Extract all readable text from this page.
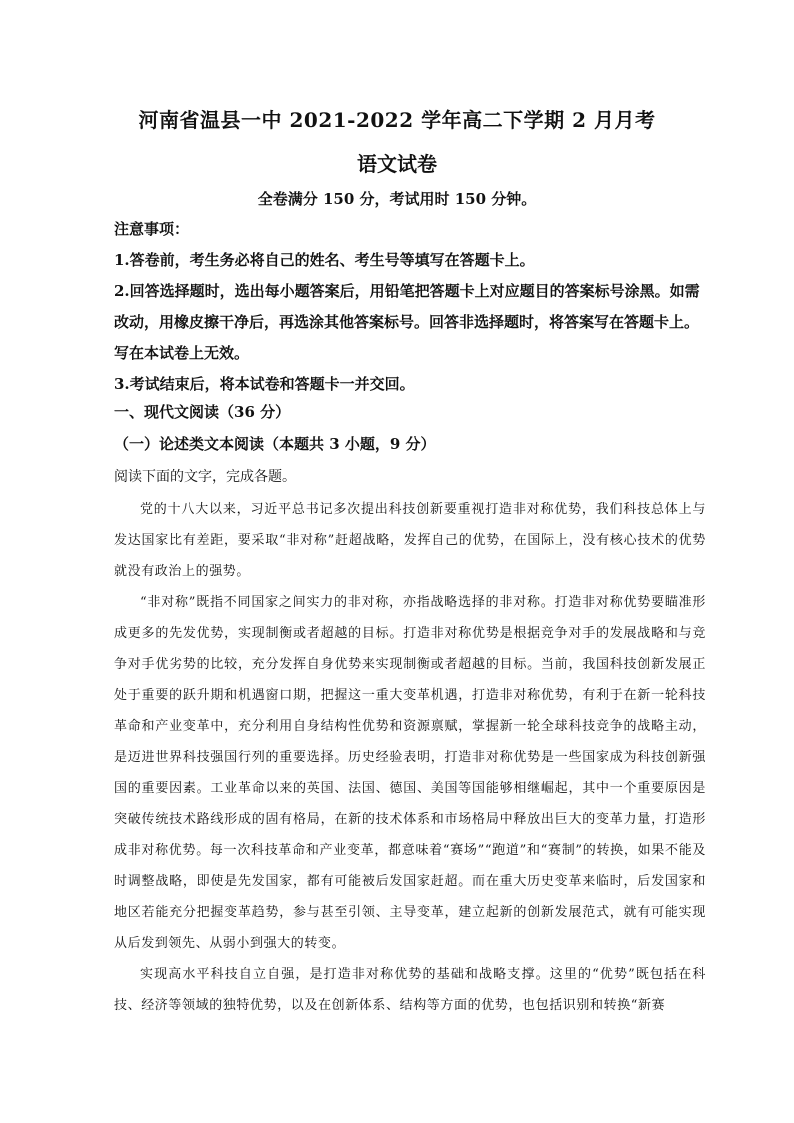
河南省温县一中 2021-2022 学年高二下学期 2 月月考
语文试卷
全卷满分 150 分，考试用时 150 分钟。

注意事项：

1.答卷前，考生务必将自己的姓名、考生号等填写在答题卡上。

2.回答选择题时，选出每小题答案后，用铅笔把答题卡上对应题目的答案标号涂黑。如需改动，用橡皮擦干净后，再选涂其他答案标号。回答非选择题时，将答案写在答题卡上。写在本试卷上无效。

3.考试结束后，将本试卷和答题卡一并交回。

一、现代文阅读（36 分）
（一）论述类文本阅读（本题共 3 小题，9 分）
阅读下面的文字，完成各题。

党的十八大以来，习近平总书记多次提出科技创新要重视打造非对称优势，我们科技总体上与发达国家比有差距，要采取“非对称”赶超战略，发挥自己的优势，在国际上，没有核心技术的优势就没有政治上的强势。

“非对称”既指不同国家之间实力的非对称，亦指战略选择的非对称。打造非对称优势要瞄准形成更多的先发优势，实现制衡或者超越的目标。打造非对称优势是根据竞争对手的发展战略和与竞争对手优劣势的比较，充分发挥自身优势来实现制衡或者超越的目标。当前，我国科技创新发展正处于重要的跃升期和机遇窗口期，把握这一重大变革机遇，打造非对称优势，有利于在新一轮科技革命和产业变革中，充分利用自身结构性优势和资源禀赋，掌握新一轮全球科技竞争的战略主动，是迈进世界科技强国行列的重要选择。历史经验表明，打造非对称优势是一些国家成为科技创新强国的重要因素。工业革命以来的英国、法国、德国、美国等国能够相继崛起，其中一个重要原因是突破传统技术路线形成的固有格局，在新的技术体系和市场格局中释放出巨大的变革力量，打造形成非对称优势。每一次科技革命和产业变革，都意味着“赛场”“跑道”和“赛制”的转换，如果不能及时调整战略，即使是先发国家，都有可能被后发国家赶超。而在重大历史变革来临时，后发国家和地区若能充分把握变革趋势，参与甚至引领、主导变革，建立起新的创新发展范式，就有可能实现从后发到领先、从弱小到强大的转变。

实现高水平科技自立自强，是打造非对称优势的基础和战略支撑。这里的“优势”既包括在科技、经济等领域的独特优势，以及在创新体系、结构等方面的优势，也包括识别和转换“新赛
